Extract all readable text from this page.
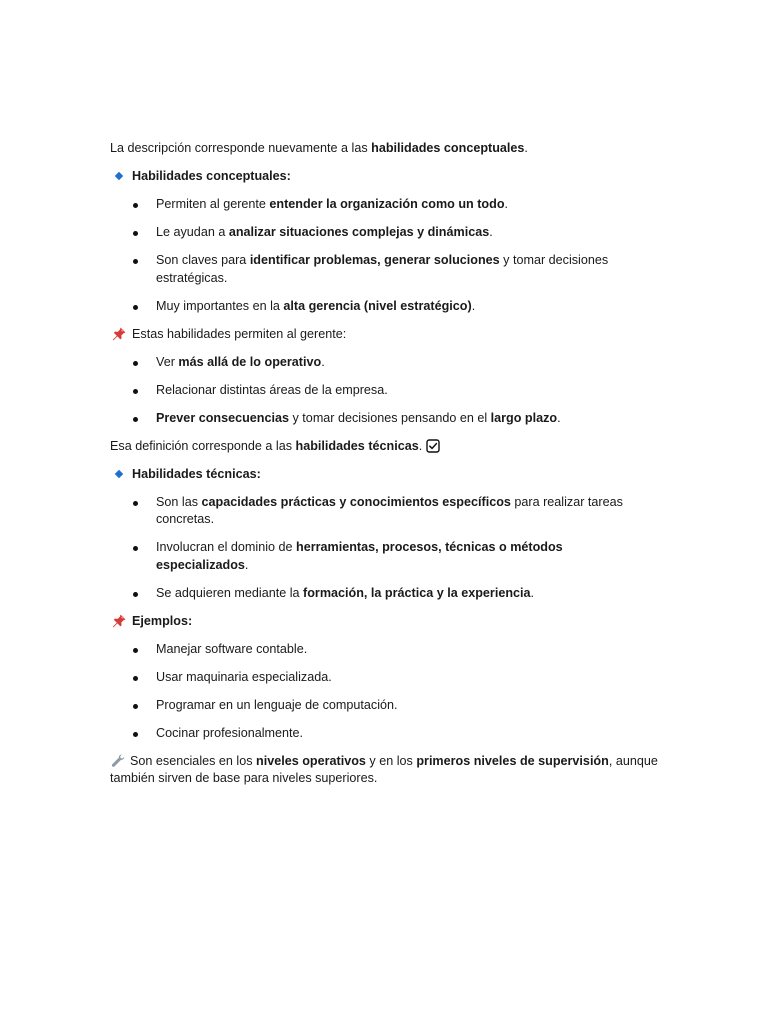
La descripción corresponde nuevamente a las habilidades conceptuales.

Habilidades conceptuales:
Permiten al gerente entender la organización como un todo.
Le ayudan a analizar situaciones complejas y dinámicas.
Son claves para identificar problemas, generar soluciones y tomar decisiones
estratégicas.
Muy importantes en la alta gerencia (nivel estratégico).
Estas habilidades permiten al gerente:
Ver más allá de lo operativo.
Relacionar distintas áreas de la empresa.
Prever consecuencias y tomar decisiones pensando en el largo plazo.

Esa definición corresponde a las habilidades técnicas.

Habilidades técnicas:
Son las capacidades prácticas y conocimientos específicos para realizar tareas
concretas.
Involucran el dominio de herramientas, procesos, técnicas o métodos especializados.
Se adquieren mediante la formación, la práctica y la experiencia.
Ejemplos:
Manejar software contable.
Usar maquinaria especializada.
Programar en un lenguaje de computación.
Cocinar profesionalmente.
Son esenciales en los niveles operativos y en los primeros niveles de supervisión, aunque
también sirven de base para niveles superiores.
